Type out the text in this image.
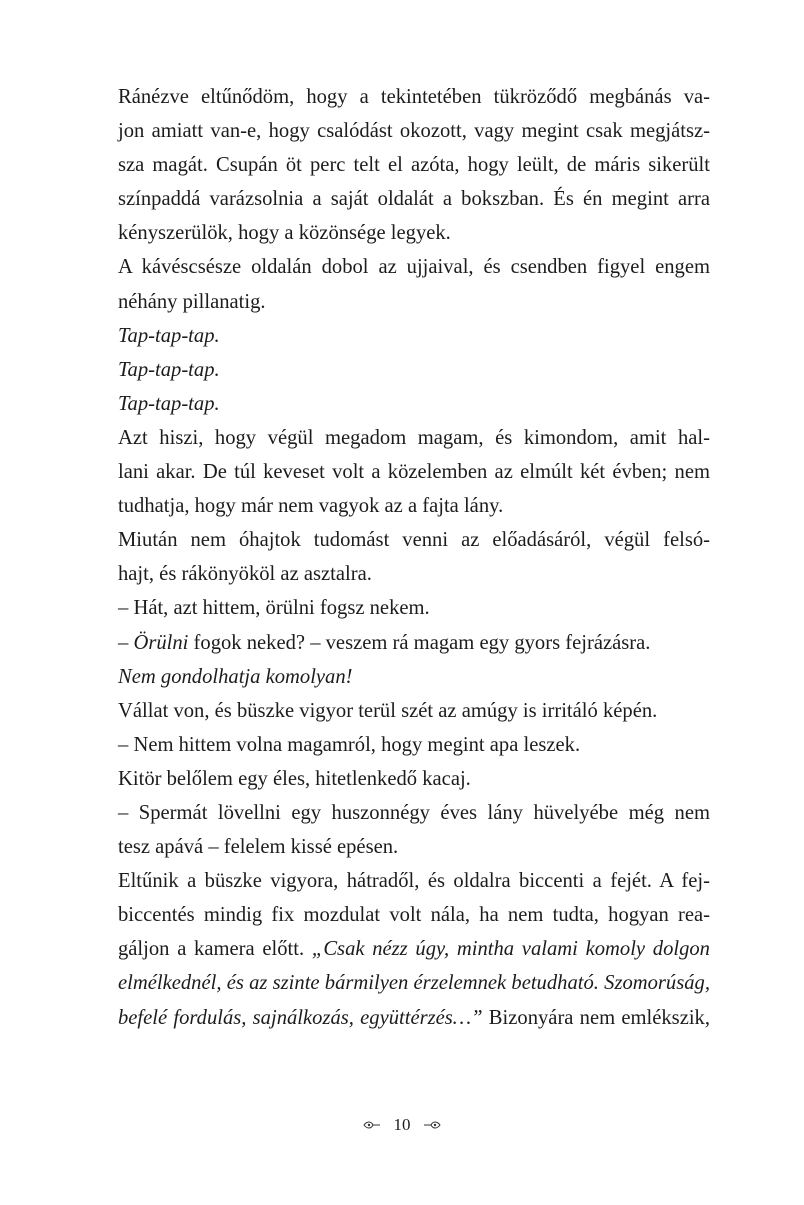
Ránézve eltűnődöm, hogy a tekintetében tükröződő megbánás va-
jon amiatt van-e, hogy csalódást okozott, vagy megint csak megjátsz-
sza magát. Csupán öt perc telt el azóta, hogy leült, de máris sikerült
színpaddá varázsolnia a saját oldalát a bokszban. És én megint arra
kényszerülök, hogy a közönsége legyek.
A kávéscsésze oldalán dobol az ujjaival, és csendben figyel engem
néhány pillanatig.
Tap-tap-tap.
Tap-tap-tap.
Tap-tap-tap.
Azt hiszi, hogy végül megadom magam, és kimondom, amit hal-
lani akar. De túl keveset volt a közelemben az elmúlt két évben; nem
tudhatja, hogy már nem vagyok az a fajta lány.
Miután nem óhajtok tudomást venni az előadásáról, végül felsó-
hajt, és rákönyököl az asztalra.
– Hát, azt hittem, örülni fogsz nekem.
– Örülni fogok neked? – veszem rá magam egy gyors fejrázásra.
Nem gondolhatja komolyan!
Vállat von, és büszke vigyor terül szét az amúgy is irritáló képén.
– Nem hittem volna magamról, hogy megint apa leszek.
Kitör belőlem egy éles, hitetlenkedő kacaj.
– Spermát lövellni egy huszonnégy éves lány hüvelyébe még nem
tesz apává – felelem kissé epésen.
Eltűnik a büszke vigyora, hátradől, és oldalra biccenti a fejét. A fej-
biccentés mindig fix mozdulat volt nála, ha nem tudta, hogyan rea-
gáljon a kamera előtt. „Csak nézz úgy, mintha valami komoly dolgon
elmélkednél, és az szinte bármilyen érzelemnek betudható. Szomorúság,
befelé fordulás, sajnálkozás, együttérzés…” Bizonyára nem emlékszik,
10
